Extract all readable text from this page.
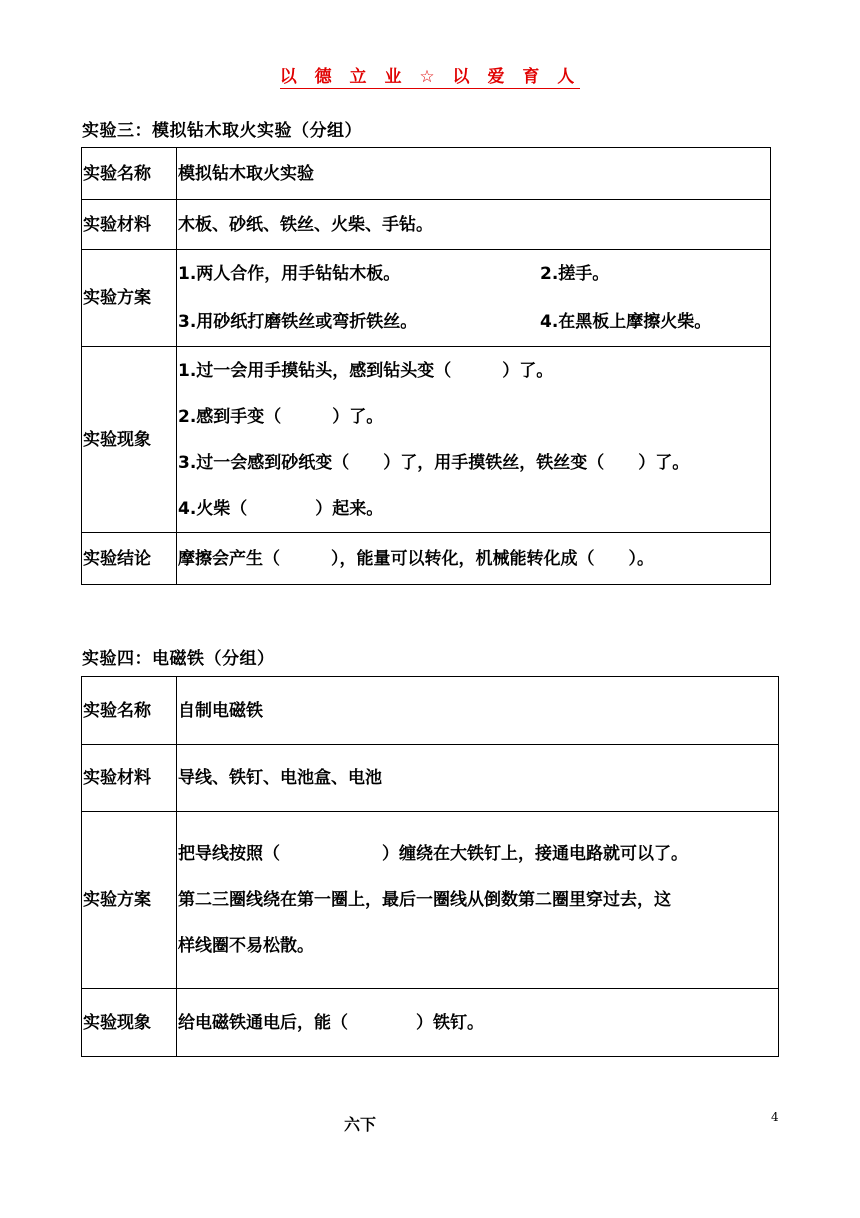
以 德 立 业 ☆ 以 爱 育 人
实验三：模拟钻木取火实验（分组）
实验名称	模拟钻木取火实验
实验材料	木板、砂纸、铁丝、火柴、手钻。
实验方案	1.两人合作，用手钻钻木板。 2.搓手。
3.用砂纸打磨铁丝或弯折铁丝。 4.在黑板上摩擦火柴。

实验现象	1.过一会用手摸钻头，感到钻头变（　　　）了。
2.感到手变（　　　）了。
3.过一会感到砂纸变（　　）了，用手摸铁丝，铁丝变（　　）了。
4.火柴（　　　　）起来。

实验结论	摩擦会产生（　　　），能量可以转化，机械能转化成（　　）。
实验四：电磁铁（分组）
实验名称	自制电磁铁
实验材料	导线、铁钉、电池盒、电池
实验方案	把导线按照（　　　　　　）缠绕在大铁钉上，接通电路就可以了。
第二三圈线绕在第一圈上，最后一圈线从倒数第二圈里穿过去，这
样线圈不易松散。

实验现象	给电磁铁通电后，能（　　　　）铁钉。
六下	4
